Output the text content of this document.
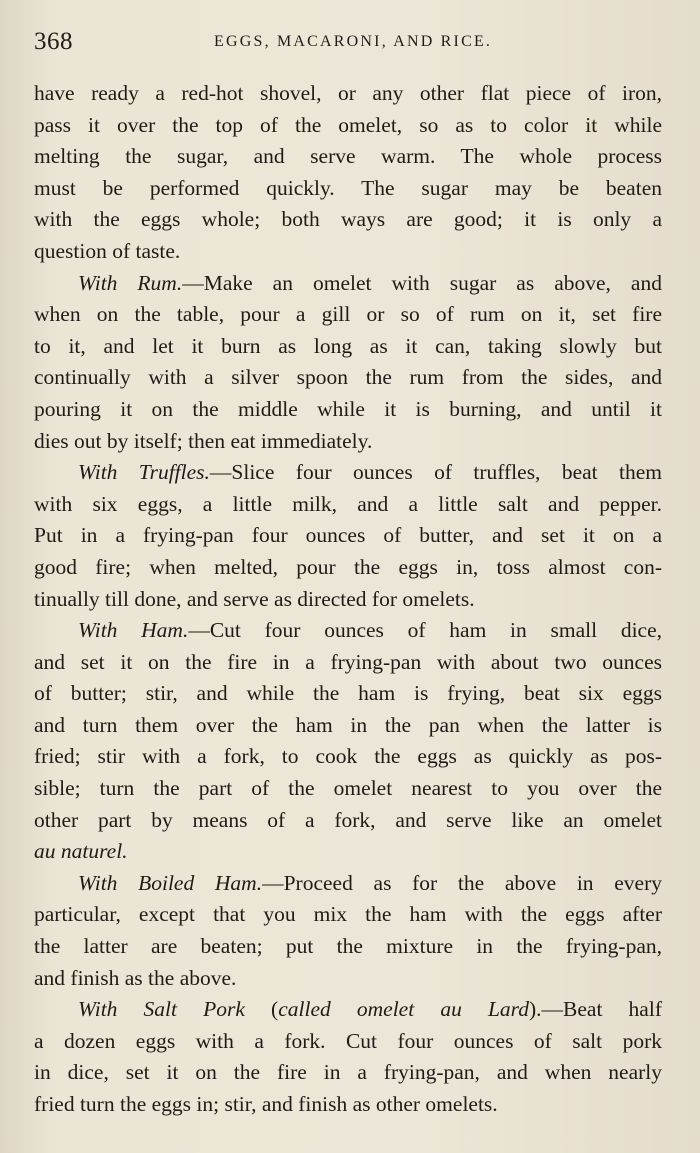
368	EGGS, MACARONI, AND RICE.

have ready a red-hot shovel, or any other flat piece of iron,

pass it over the top of the omelet, so as to color it while

melting the sugar, and serve warm. The whole process

must be performed quickly. The sugar may be beaten

with the eggs whole; both ways are good; it is only a

question of taste.

With Rum.—Make an omelet with sugar as above, and

when on the table, pour a gill or so of rum on it, set fire

to it, and let it burn as long as it can, taking slowly but

continually with a silver spoon the rum from the sides, and

pouring it on the middle while it is burning, and until it

dies out by itself; then eat immediately.

With Truffles.—Slice four ounces of truffles, beat them

with six eggs, a little milk, and a little salt and pepper.

Put in a frying-pan four ounces of butter, and set it on a

good fire; when melted, pour the eggs in, toss almost con-

tinually till done, and serve as directed for omelets.

With Ham.—Cut four ounces of ham in small dice,

and set it on the fire in a frying-pan with about two ounces

of butter; stir, and while the ham is frying, beat six eggs

and turn them over the ham in the pan when the latter is

fried; stir with a fork, to cook the eggs as quickly as pos-

sible; turn the part of the omelet nearest to you over the

other part by means of a fork, and serve like an omelet

au naturel.

With Boiled Ham.—Proceed as for the above in every

particular, except that you mix the ham with the eggs after

the latter are beaten; put the mixture in the frying-pan,

and finish as the above.

With Salt Pork (called omelet au Lard).—Beat half

a dozen eggs with a fork. Cut four ounces of salt pork

in dice, set it on the fire in a frying-pan, and when nearly

fried turn the eggs in; stir, and finish as other omelets.
